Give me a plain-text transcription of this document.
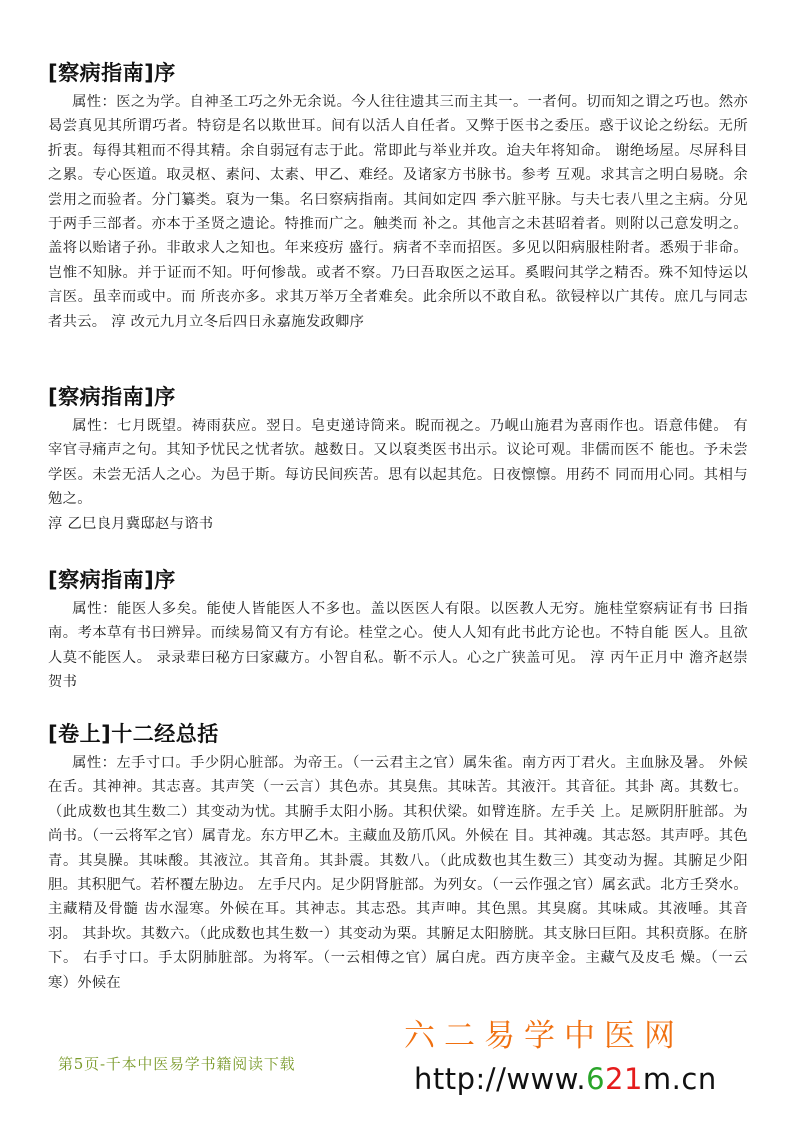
[察病指南]序

属性：医之为学。自神圣工巧之外无余说。今人往往遗其三而主其一。一者何。切而知之谓之巧也。然亦曷尝真见其所谓巧者。特窃是名以欺世耳。间有以活人自任者。又弊于医书之委压。惑于议论之纷纭。无所折衷。每得其粗而不得其精。余自弱冠有志于此。常即此与举业并攻。迨夫年将知命。 谢绝场屋。尽屏科目之累。专心医道。取灵枢、素问、太素、甲乙、难经。及诸家方书脉书。参考 互观。求其言之明白易晓。余尝用之而验者。分门纂类。裒为一集。名曰察病指南。其间如定四 季六脏平脉。与夫七表八里之主病。分见于两手三部者。亦本于圣贤之遗论。特推而广之。触类而 补之。其他言之未甚昭着者。则附以己意发明之。盖将以贻诸子孙。非敢求人之知也。年来疫疠 盛行。病者不幸而招医。多见以阳病服桂附者。悉殒于非命。岂惟不知脉。并于证而不知。吁何惨哉。或者不察。乃曰吾取医之运耳。奚暇问其学之精否。殊不知恃运以言医。虽幸而或中。而 所丧亦多。求其万举万全者难矣。此余所以不敢自私。欲锓梓以广其传。庶几与同志者共云。 淳 改元九月立冬后四日永嘉施发政卿序

[察病指南]序

属性：七月既望。祷雨获应。翌日。皂吏递诗筒来。睨而视之。乃岘山施君为喜雨作也。语意伟健。 有宰官寻痛声之句。其知予忧民之忧者欤。越数日。又以裒类医书出示。议论可观。非儒而医不 能也。予未尝学医。未尝无活人之心。为邑于斯。每访民间疾苦。思有以起其危。日夜懔懔。用药不 同而用心同。其相与勉之。

淳 乙巳良月冀邸赵与谘书

[察病指南]序

属性：能医人多矣。能使人皆能医人不多也。盖以医医人有限。以医教人无穷。施桂堂察病证有书 曰指南。考本草有书曰辨异。而续易简又有方有论。桂堂之心。使人人知有此书此方论也。不特自能 医人。且欲人莫不能医人。 录录辈曰秘方曰家藏方。小智自私。靳不示人。心之广狭盖可见。 淳 丙午正月中 澹齐赵崇贺书

[卷上]十二经总括

属性：左手寸口。手少阴心脏部。为帝王。（一云君主之官）属朱雀。南方丙丁君火。主血脉及暑。 外候在舌。其神神。其志喜。其声笑（一云言）其色赤。其臭焦。其味苦。其液汗。其音征。其卦 离。其数七。（此成数也其生数二）其变动为忧。其腑手太阳小肠。其积伏梁。如臂连脐。左手关 上。足厥阴肝脏部。为尚书。（一云将军之官）属青龙。东方甲乙木。主藏血及筋爪风。外候在 目。其神魂。其志怒。其声呼。其色青。其臭臊。其味酸。其液泣。其音角。其卦震。其数八。（此成数也其生数三）其变动为握。其腑足少阳胆。其积肥气。若杯覆左胁边。 左手尺内。足少阴肾脏部。为列女。（一云作强之官）属玄武。北方壬癸水。主藏精及骨髓 齿水湿寒。外候在耳。其神志。其志恐。其声呻。其色黑。其臭腐。其味咸。其液唾。其音羽。 其卦坎。其数六。（此成数也其生数一）其变动为栗。其腑足太阳膀胱。其支脉曰巨阳。其积贲豚。在脐下。 右手寸口。手太阴肺脏部。为将军。（一云相傅之官）属白虎。西方庚辛金。主藏气及皮毛 燥。（一云寒）外候在

第5页-千本中医易学书籍阅读下载
六二易学中医网
http://www.621m.cn
